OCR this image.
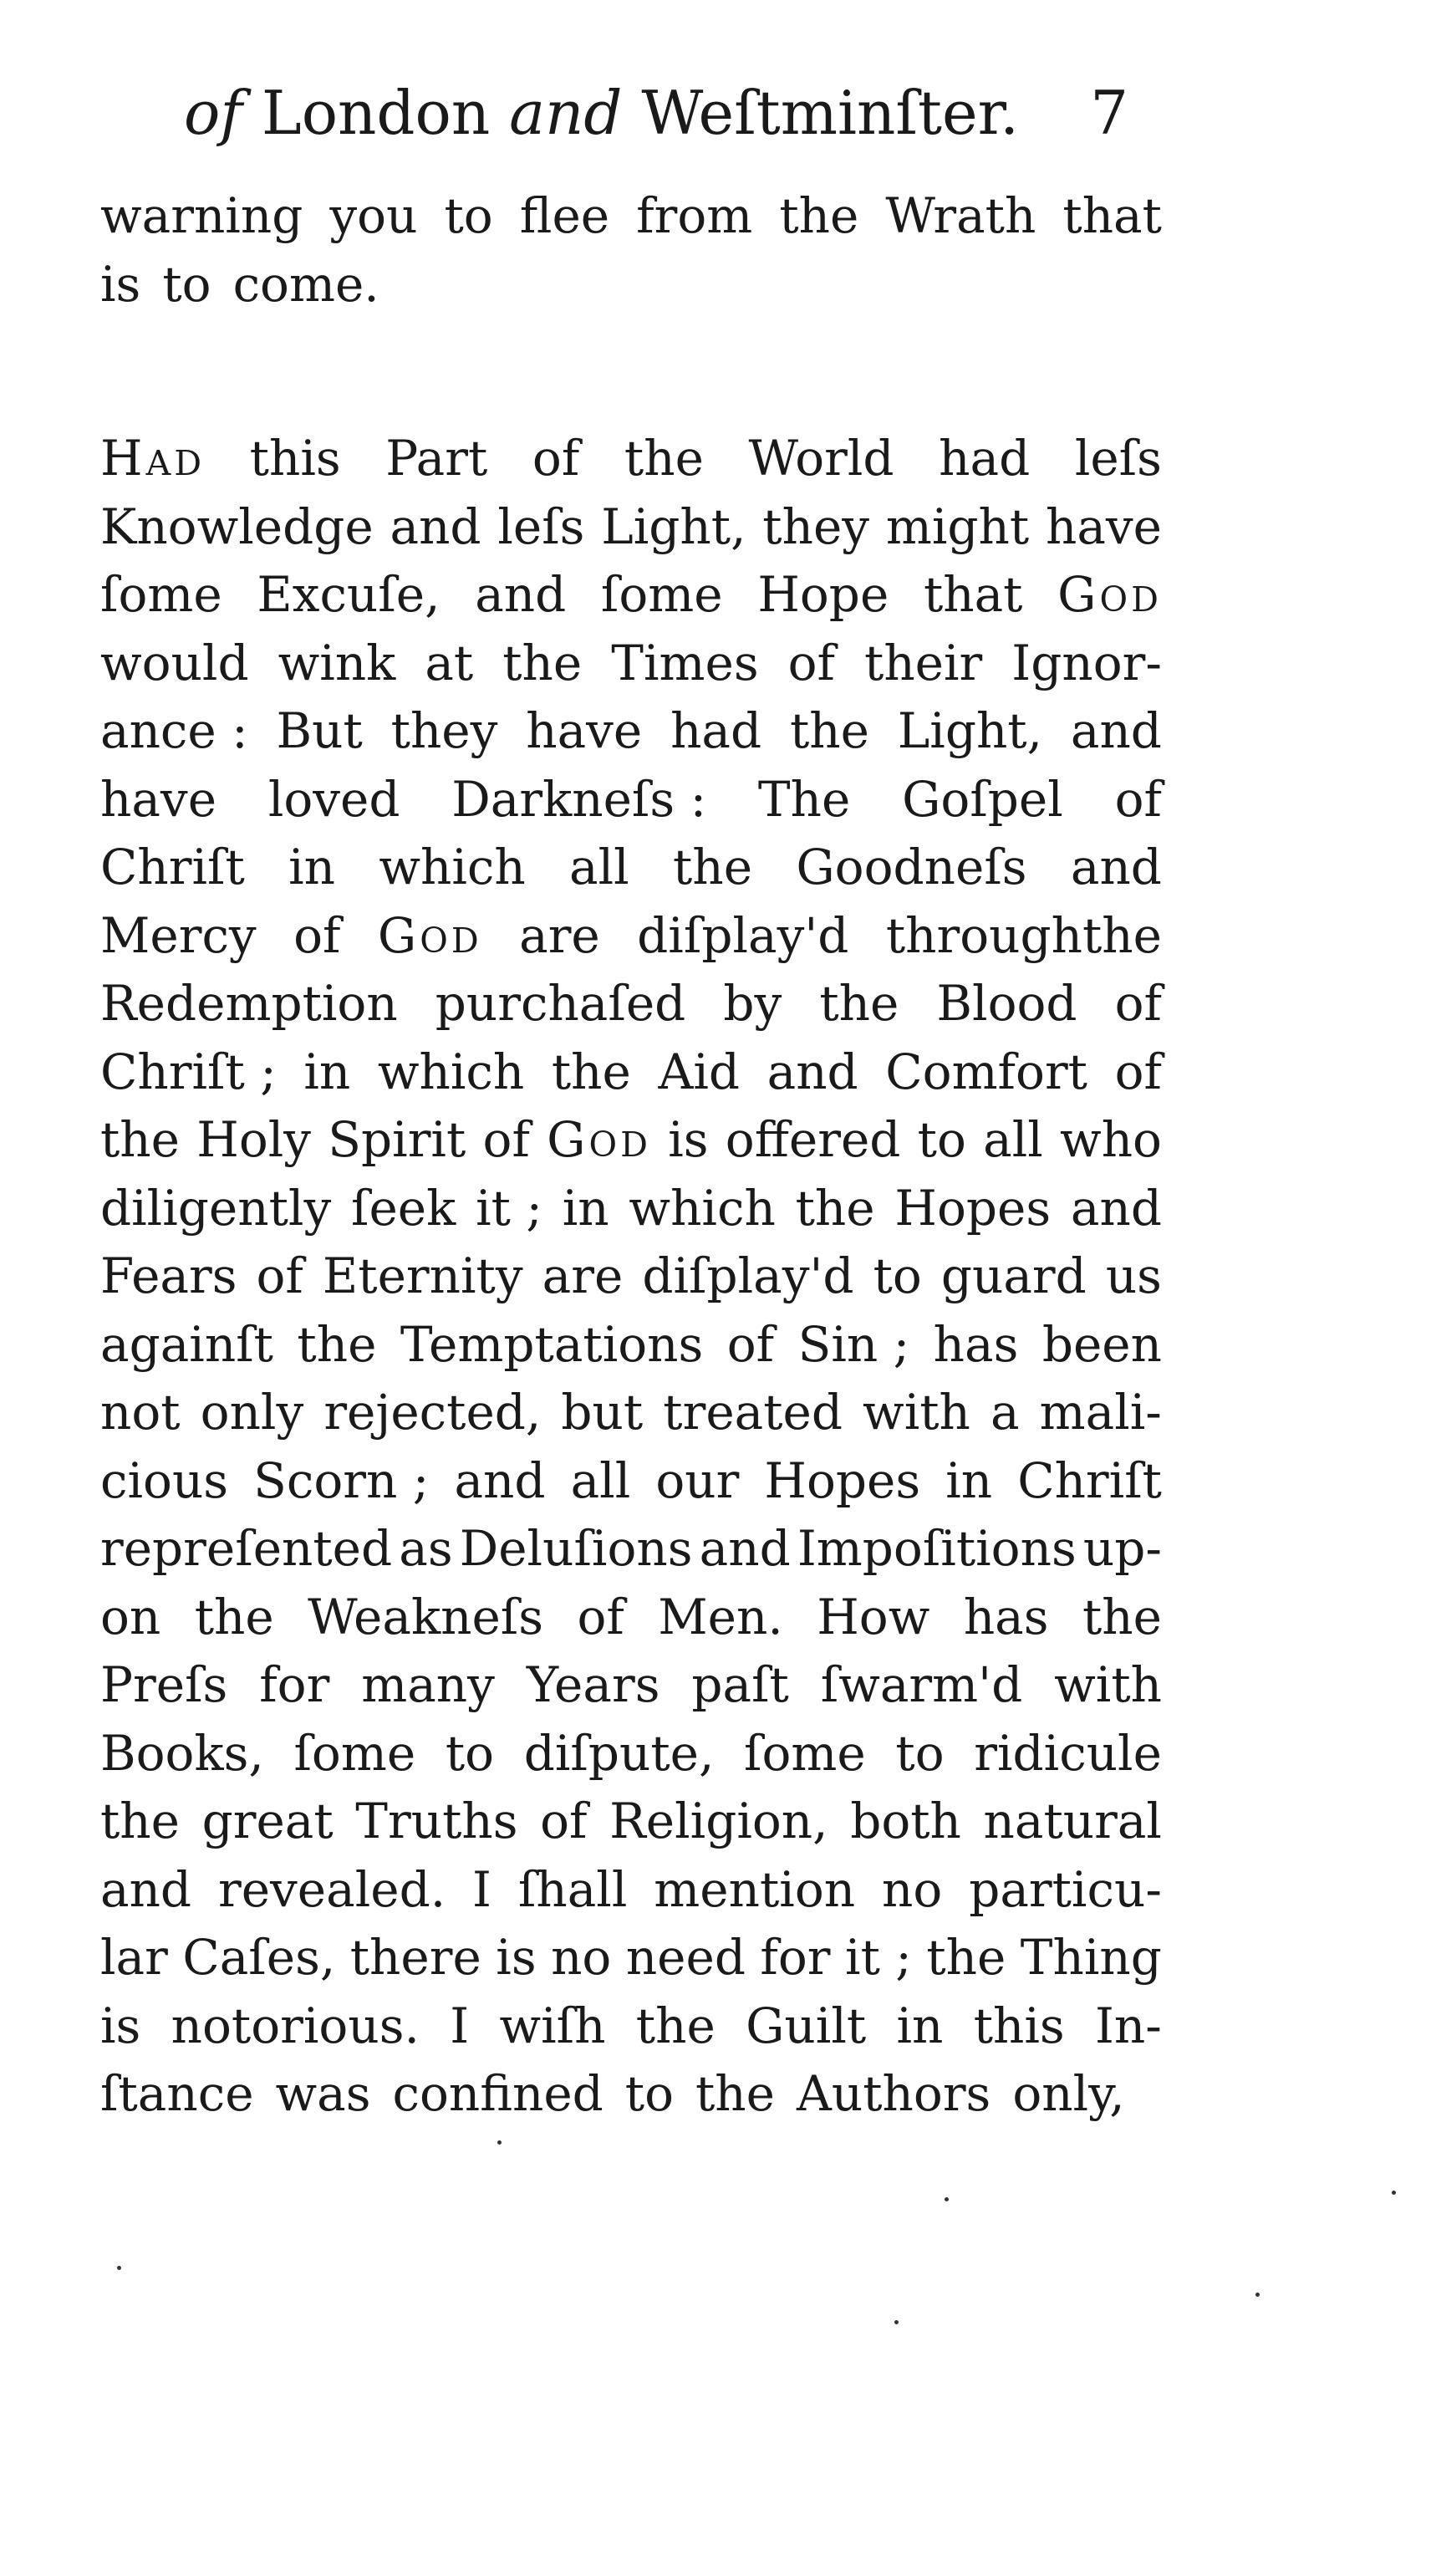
of London and Weſtminſter. 7
warning you to flee from the Wrath that
is to come.
Had this Part of the World had leſs
Knowledge and leſs Light, they might have
ſome Excuſe, and ſome Hope that God
would wink at the Times of their Ignor-
ance : But they have had the Light, and
have loved Darkneſs : The Goſpel of
Chriſt in which all the Goodneſs and
Mercy of God are diſplay'd throughthe
Redemption purchaſed by the Blood of
Chriſt ; in which the Aid and Comfort of
the Holy Spirit of God is offered to all who
diligently ſeek it ; in which the Hopes and
Fears of Eternity are diſplay'd to guard us
againſt the Temptations of Sin ; has been
not only rejected, but treated with a mali-
cious Scorn ; and all our Hopes in Chriſt
repreſented as Deluſions and Impoſitions up-
on the Weakneſs of Men. How has the
Preſs for many Years paſt ſwarm'd with
Books, ſome to diſpute, ſome to ridicule
the great Truths of Religion, both natural
and revealed. I ſhall mention no particu-
lar Caſes, there is no need for it ; the Thing
is notorious. I wiſh the Guilt in this In-
ſtance was confined to the Authors only,
